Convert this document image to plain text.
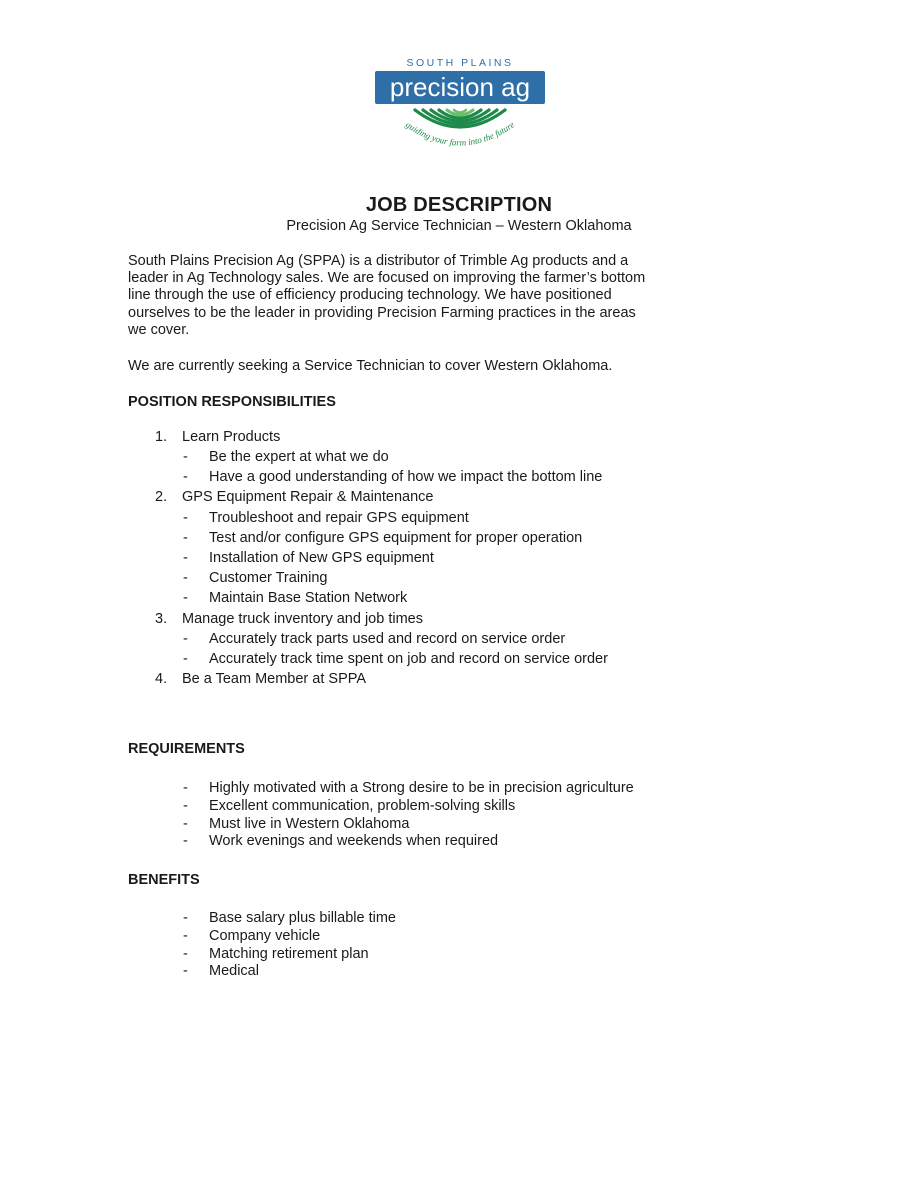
SOUTH PLAINS
precision ag
guiding your farm into the future
JOB DESCRIPTION

Precision Ag Service Technician – Western Oklahoma

South Plains Precision Ag (SPPA) is a distributor of Trimble Ag products and a
leader in Ag Technology sales. We are focused on improving the farmer’s bottom
line through the use of efficiency producing technology. We have positioned
ourselves to be the leader in providing Precision Farming practices in the areas
we cover.

We are currently seeking a Service Technician to cover Western Oklahoma.

POSITION RESPONSIBILITIES

1. Learn Products
- Be the expert at what we do
- Have a good understanding of how we impact the bottom line
2. GPS Equipment Repair & Maintenance
- Troubleshoot and repair GPS equipment
- Test and/or configure GPS equipment for proper operation
- Installation of New GPS equipment
- Customer Training
- Maintain Base Station Network
3. Manage truck inventory and job times
- Accurately track parts used and record on service order
- Accurately track time spent on job and record on service order
4. Be a Team Member at SPPA

REQUIREMENTS

- Highly motivated with a Strong desire to be in precision agriculture
- Excellent communication, problem-solving skills
- Must live in Western Oklahoma
- Work evenings and weekends when required

BENEFITS

- Base salary plus billable time
- Company vehicle
- Matching retirement plan
- Medical
